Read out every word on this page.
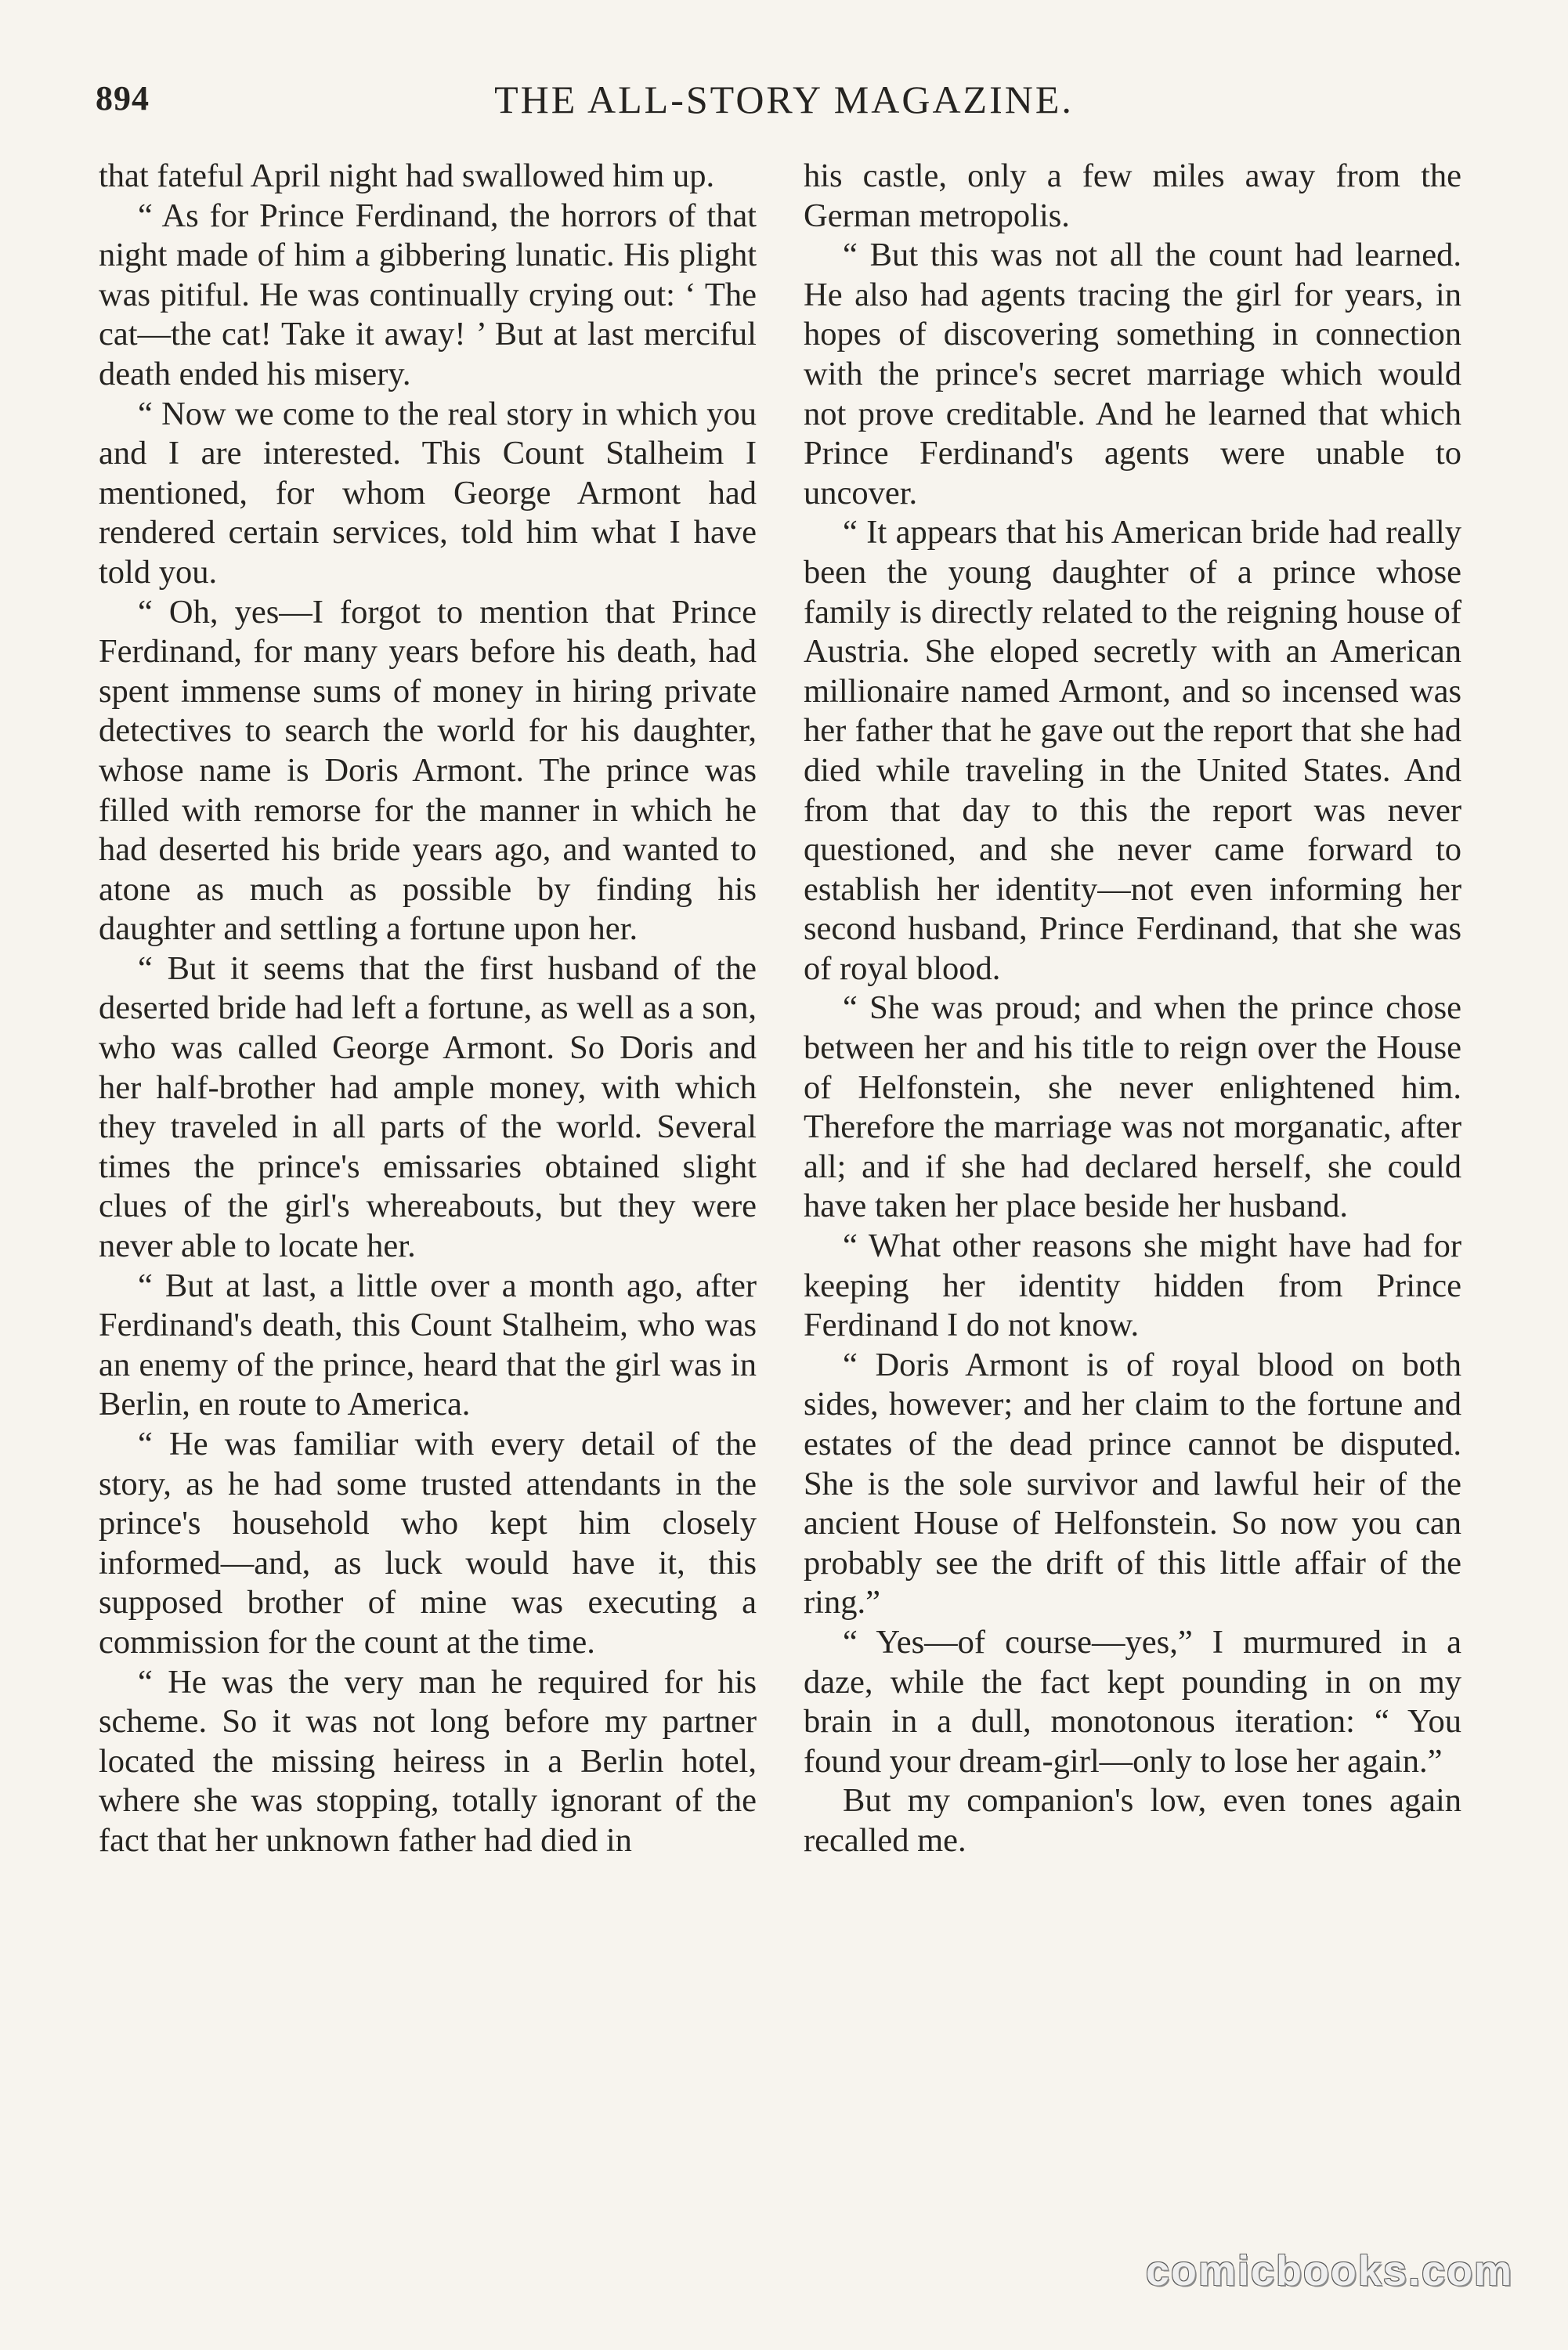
894	THE ALL-STORY MAGAZINE.

that fateful April night had swallowed him up.

“ As for Prince Ferdinand, the horrors of that night made of him a gibbering lunatic. His plight was pitiful. He was continually crying out: ‘ The cat—the cat! Take it away! ’ But at last merciful death ended his misery.

“ Now we come to the real story in which you and I are interested. This Count Stalheim I mentioned, for whom George Armont had rendered certain services, told him what I have told you.

“ Oh, yes—I forgot to mention that Prince Ferdinand, for many years before his death, had spent immense sums of money in hiring private detectives to search the world for his daughter, whose name is Doris Armont. The prince was filled with remorse for the manner in which he had deserted his bride years ago, and wanted to atone as much as possible by finding his daughter and settling a fortune upon her.

“ But it seems that the first husband of the deserted bride had left a fortune, as well as a son, who was called George Armont. So Doris and her half-brother had ample money, with which they traveled in all parts of the world. Several times the prince's emissaries obtained slight clues of the girl's whereabouts, but they were never able to locate her.

“ But at last, a little over a month ago, after Ferdinand's death, this Count Stalheim, who was an enemy of the prince, heard that the girl was in Berlin, en route to America.

“ He was familiar with every detail of the story, as he had some trusted attendants in the prince's household who kept him closely informed—and, as luck would have it, this supposed brother of mine was executing a commission for the count at the time.

“ He was the very man he required for his scheme. So it was not long before my partner located the missing heiress in a Berlin hotel, where she was stopping, totally ignorant of the fact that her unknown father had died in

his castle, only a few miles away from the German metropolis.

“ But this was not all the count had learned. He also had agents tracing the girl for years, in hopes of discovering something in connection with the prince's secret marriage which would not prove creditable. And he learned that which Prince Ferdinand's agents were unable to uncover.

“ It appears that his American bride had really been the young daughter of a prince whose family is directly related to the reigning house of Austria. She eloped secretly with an American millionaire named Armont, and so incensed was her father that he gave out the report that she had died while traveling in the United States. And from that day to this the report was never questioned, and she never came forward to establish her identity—not even informing her second husband, Prince Ferdinand, that she was of royal blood.

“ She was proud; and when the prince chose between her and his title to reign over the House of Helfonstein, she never enlightened him. Therefore the marriage was not morganatic, after all; and if she had declared herself, she could have taken her place beside her husband.

“ What other reasons she might have had for keeping her identity hidden from Prince Ferdinand I do not know.

“ Doris Armont is of royal blood on both sides, however; and her claim to the fortune and estates of the dead prince cannot be disputed. She is the sole survivor and lawful heir of the ancient House of Helfonstein. So now you can probably see the drift of this little affair of the ring.”

“ Yes—of course—yes,” I murmured in a daze, while the fact kept pounding in on my brain in a dull, monotonous iteration: “ You found your dream-girl—only to lose her again.”

But my companion's low, even tones again recalled me.

comicbooks.com
